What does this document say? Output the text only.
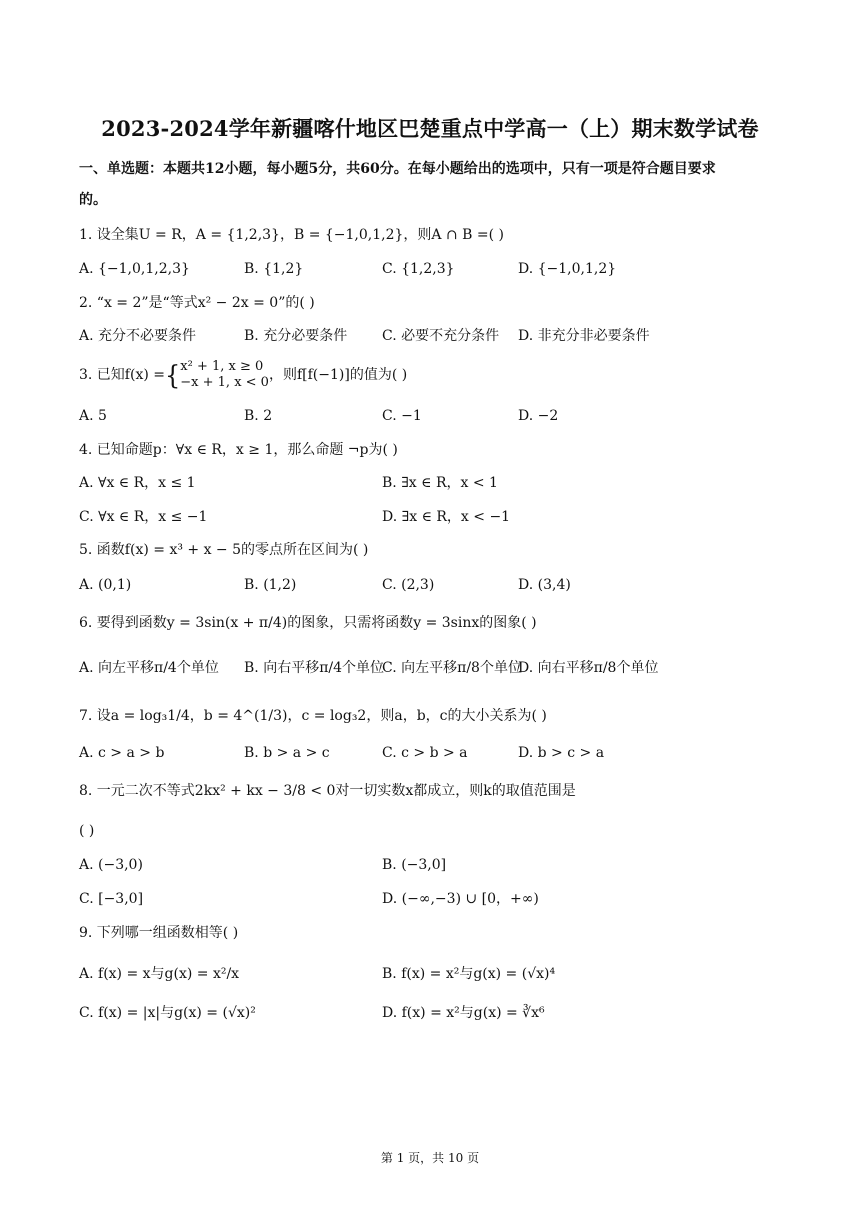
2023-2024学年新疆喀什地区巴楚重点中学高一（上）期末数学试卷
一、单选题：本题共12小题，每小题5分，共60分。在每小题给出的选项中，只有一项是符合题目要求
的。
1. 设全集U = R，A = {1,2,3}，B = {−1,0,1,2}，则A ∩ B =( )
A. {−1,0,1,2,3}	B. {1,2}	C. {1,2,3}	D. {−1,0,1,2}
2. “x = 2”是“等式x² − 2x = 0”的( )
A. 充分不必要条件	B. 充分必要条件 C. 必要不充分条件 D. 非充分非必要条件
3. 已知f(x) ={ x² + 1, x ≥ 0
−x + 1, x < 0 ，则f[f(−1)]的值为( )
A. 5	B. 2	C. −1	D. −2
4. 已知命题p：∀x ∈ R，x ≥ 1，那么命题 ¬p为( )
A. ∀x ∈ R，x ≤ 1	B. ∃x ∈ R，x < 1
C. ∀x ∈ R，x ≤ −1	D. ∃x ∈ R，x < −1
5. 函数f(x) = x³ + x − 5的零点所在区间为( )
A. (0,1)	B. (1,2)	C. (2,3)	D. (3,4)
6. 要得到函数y = 3sin(x + π/4)的图象，只需将函数y = 3sinx的图象( )
A. 向左平移π/4个单位 B. 向右平移π/4个单位
C. 向左平移π/8个单位
D. 向右平移π/8个单位
7. 设a = log₃1/4，b = 4^(1/3)，c = log₃2，则a，b，c的大小关系为( )
A. c > a > b	B. b > a > c	C. c > b > a	D. b > c > a
8. 一元二次不等式2kx² + kx − 3/8 < 0对一切实数x都成立，则k的取值范围是
( )
A. (−3,0)	B. (−3,0]
C. [−3,0]	D. (−∞,−3) ∪ [0，+∞)
9. 下列哪一组函数相等( )
A. f(x) = x与g(x) = x²/x	B. f(x) = x²与g(x) = (√x)⁴
C. f(x) = |x|与g(x) = (√x)²	D. f(x) = x²与g(x) = ∛x⁶
第 1 页，共 10 页
